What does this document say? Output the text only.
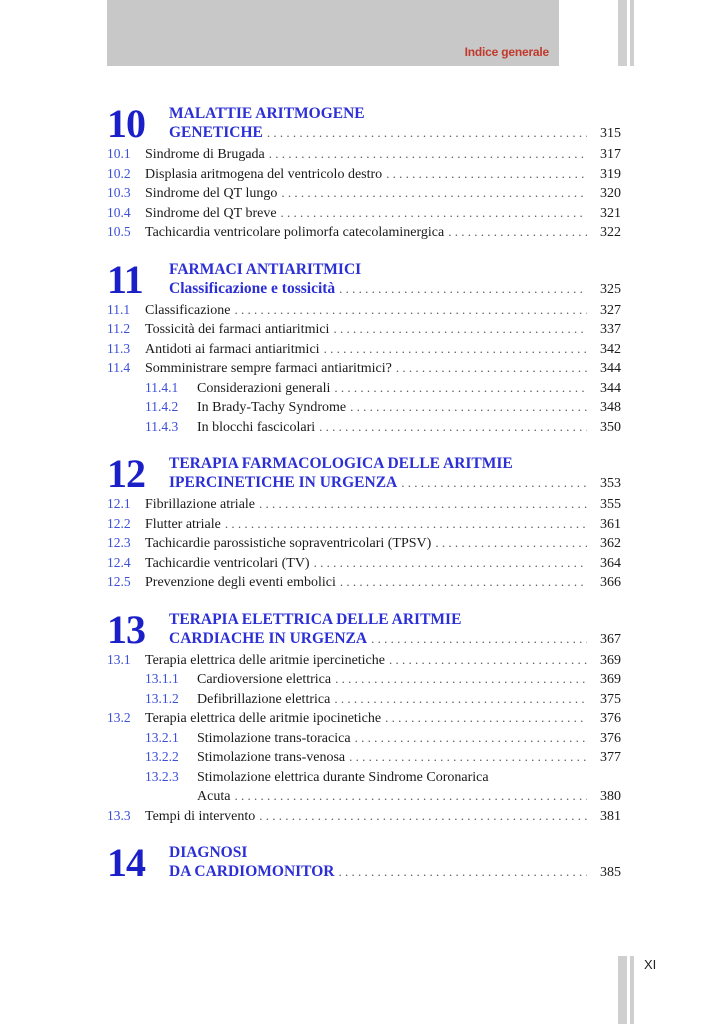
Indice generale
XI
10 MALATTIE ARITMOGENE
GENETICHE . . .	315
10.1	Sindrome di Brugada . . .	317
10.2	Displasia aritmogena del ventricolo destro . . .	319
10.3	Sindrome del QT lungo . . .	320
10.4	Sindrome del QT breve . . .	321
10.5	Tachicardia ventricolare polimorfa catecolaminergica . . .	322
11 FARMACI ANTIARITMICI
Classificazione e tossicità . . .	325
11.1	Classificazione . . .	327
11.2	Tossicità dei farmaci antiaritmici . . .	337
11.3	Antidoti ai farmaci antiaritmici . . .	342
11.4	Somministrare sempre farmaci antiaritmici? . . .	344
11.4.1	Considerazioni generali . . .	344
11.4.2	In Brady-Tachy Syndrome . . .	348
11.4.3	In blocchi fascicolari . . .	350
12 TERAPIA FARMACOLOGICA DELLE ARITMIE
IPERCINETICHE IN URGENZA . . .	353
12.1	Fibrillazione atriale . . .	355
12.2	Flutter atriale . . .	361
12.3	Tachicardie parossistiche sopraventricolari (TPSV) . . .	362
12.4	Tachicardie ventricolari (TV) . . .	364
12.5	Prevenzione degli eventi embolici . . .	366
13 TERAPIA ELETTRICA DELLE ARITMIE
CARDIACHE IN URGENZA . . .	367
13.1	Terapia elettrica delle aritmie ipercinetiche . . .	369
13.1.1	Cardioversione elettrica . . .	369
13.1.2	Defibrillazione elettrica . . .	375
13.2	Terapia elettrica delle aritmie ipocinetiche . . .	376
13.2.1	Stimolazione trans-toracica . . .	376
13.2.2	Stimolazione trans-venosa . . .	377
13.2.3	Stimolazione elettrica durante Sindrome Coronarica
Acuta . . .	380
13.3	Tempi di intervento . . .	381
14 DIAGNOSI
DA CARDIOMONITOR . . .	385
